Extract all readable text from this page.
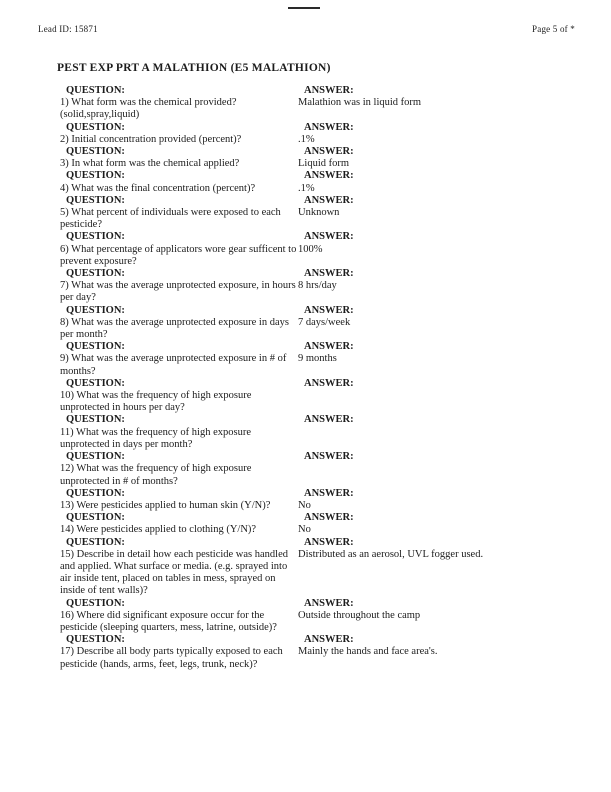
Lead ID: 15871	Page 5 of *
PEST EXP PRT A MALATHION (E5 MALATHION)
QUESTION:
1) What form was the chemical provided?(solid,spray,liquid)
ANSWER:
Malathion was in liquid form
QUESTION:
2) Initial concentration provided (percent)?
ANSWER:
.1%
QUESTION:
3) In what form was the chemical applied?
ANSWER:
Liquid form
QUESTION:
4) What was the final concentration (percent)?
ANSWER:
.1%
QUESTION:
5) What percent of individuals were exposed to each pesticide?
ANSWER:
Unknown
QUESTION:
6) What percentage of applicators wore gear sufficent to prevent exposure?
ANSWER:
100%
QUESTION:
7) What was the average unprotected exposure, in hours per day?
ANSWER:
8 hrs/day
QUESTION:
8) What was the average unprotected exposure in days per month?
ANSWER:
7 days/week
QUESTION:
9) What was the average unprotected exposure in # of months?
ANSWER:
9 months
QUESTION:
10) What was the frequency of high exposure unprotected in hours per day?
ANSWER:
QUESTION:
11) What was the frequency of high exposure unprotected in days per month?
ANSWER:
QUESTION:
12) What was the frequency of high exposure unprotected in # of months?
ANSWER:
QUESTION:
13) Were pesticides applied to human skin (Y/N)?
ANSWER:
No
QUESTION:
14) Were pesticides applied to clothing (Y/N)?
ANSWER:
No
QUESTION:
15) Describe in detail how each pesticide was handled and applied. What surface or media. (e.g. sprayed into air inside tent, placed on tables in mess, sprayed on inside of tent walls)?
ANSWER:
Distributed as an aerosol, UVL fogger used.
QUESTION:
16) Where did significant exposure occur for the pesticide (sleeping quarters, mess, latrine, outside)?
ANSWER:
Outside throughout the camp
QUESTION:
17) Describe all body parts typically exposed to each pesticide (hands, arms, feet, legs, trunk, neck)?
ANSWER:
Mainly the hands and face area's.
